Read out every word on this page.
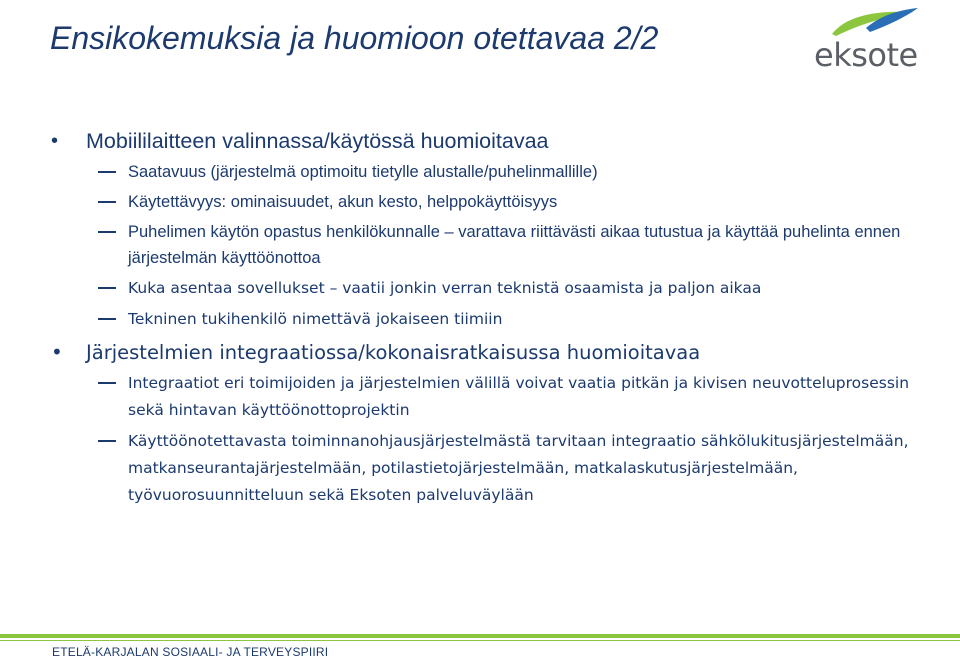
Ensikokemuksia ja huomioon otettavaa 2/2	eksote
• Mobiililaitteen valinnassa/käytössä huomioitavaa
Saatavuus (järjestelmä optimoitu tietylle alustalle/puhelinmallille)
Käytettävyys: ominaisuudet, akun kesto, helppokäyttöisyys
Puhelimen käytön opastus henkilökunnalle – varattava riittävästi aikaa tutustua ja käyttää puhelinta ennen järjestelmän käyttöönottoa
Kuka asentaa sovellukset – vaatii jonkin verran teknistä osaamista ja paljon aikaa
Tekninen tukihenkilö nimettävä jokaiseen tiimiin
• Järjestelmien integraatiossa/kokonaisratkaisussa huomioitavaa
Integraatiot eri toimijoiden ja järjestelmien välillä voivat vaatia pitkän ja kivisen neuvotteluprosessin sekä hintavan käyttöönottoprojektin
Käyttöönotettavasta toiminnanohjausjärjestelmästä tarvitaan integraatio sähkölukitusjärjestelmään, matkanseurantajärjestelmään, potilastietojärjestelmään, matkalaskutusjärjestelmään, työvuorosuunnitteluun sekä Eksoten palveluväylään
ETELÄ-KARJALAN SOSIAALI- JA TERVEYSPIIRI
